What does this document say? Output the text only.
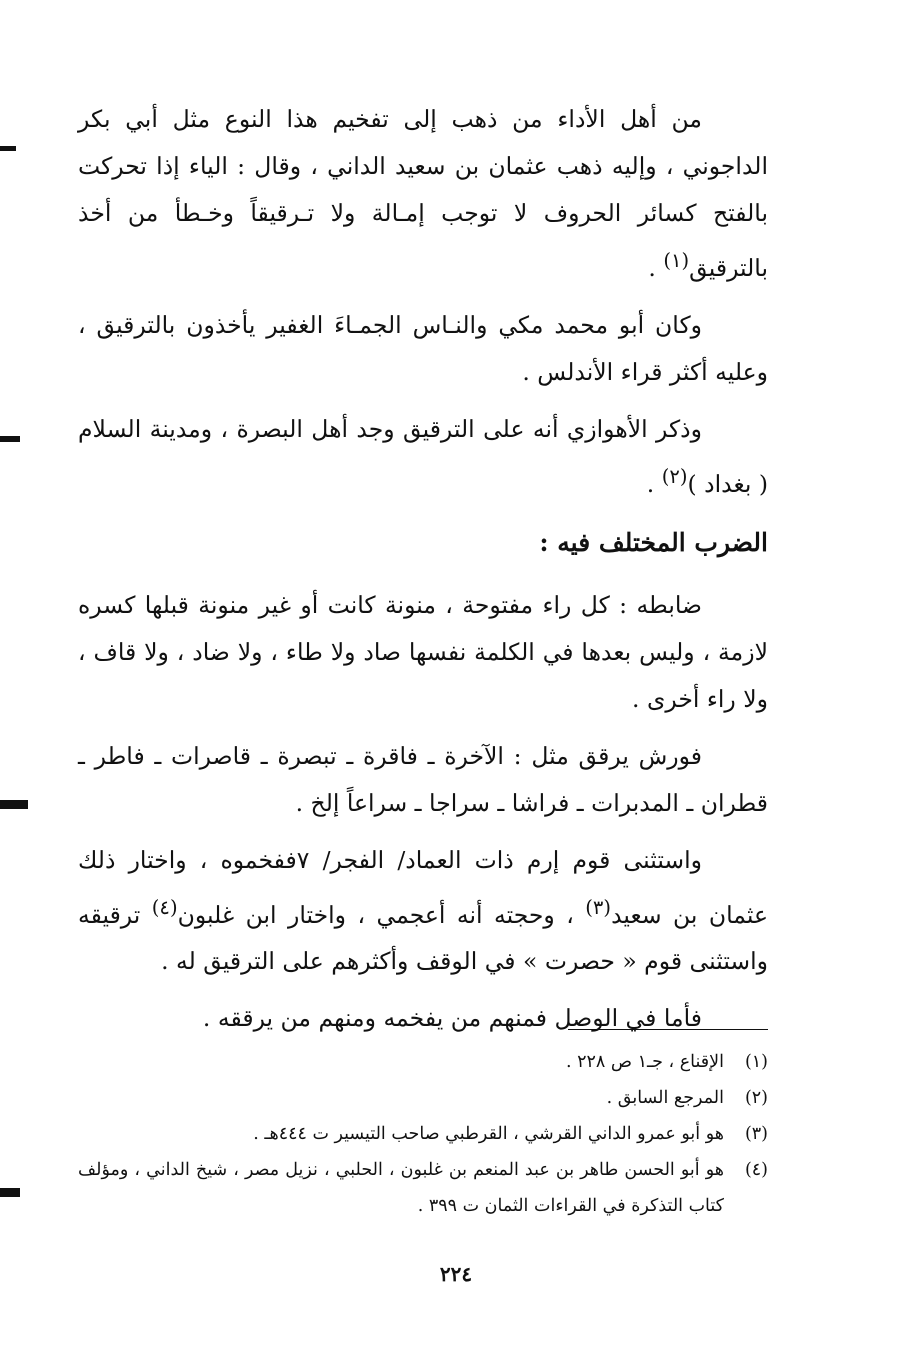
من أهل الأداء من ذهب إلى تفخيم هذا النوع مثل أبي بكر الداجوني ، وإليه ذهب عثمان بن سعيد الداني ، وقال : الياء إذا تحركت بالفتح كسائر الحروف لا توجب إمـالة ولا تـرقيقاً وخـطأ من أخذ بالترقيق$^{(١)}$ .

وكان أبو محمد مكي والنـاس الجمـاءَ الغفير يأخذون بالترقيق ، وعليه أكثر قراء الأندلس .

وذكر الأهوازي أنه على الترقيق وجد أهل البصرة ، ومدينة السلام ( بغداد )$^{(٢)}$ .

الضرب المختلف فيه :

ضابطه : كل راء مفتوحة ، منونة كانت أو غير منونة قبلها كسره لازمة ، وليس بعدها في الكلمة نفسها صاد ولا طاء ، ولا ضاد ، ولا قاف ، ولا راء أخرى .

فورش يرقق مثل : الآخرة ـ فاقرة ـ تبصرة ـ قاصرات ـ فاطر ـ قطران ـ المدبرات ـ فراشا ـ سراجا ـ سراعاً إلخ .

واستثنى قوم إرم ذات العماد/ الفجر/ ٧ففخموه ، واختار ذلك عثمان بن سعيد$^{(٣)}$ ، وحجته أنه أعجمي ، واختار ابن غلبون$^{(٤)}$ ترقيقه واستثنى قوم « حصرت » في الوقف وأكثرهم على الترقيق له .

فأما في الوصل فمنهم من يفخمه ومنهم من يرققه .

(١)
الإقناع ، جـ١ ص ٢٢٨ .
(٢)
المرجع السابق .
(٣)
هو أبو عمرو الداني القرشي ، القرطبي صاحب التيسير ت ٤٤٤هـ .
(٤)
هو أبو الحسن طاهر بن عبد المنعم بن غلبون ، الحلبي ، نزيل مصر ، شيخ الداني ، ومؤلف كتاب التذكرة في القراءات الثمان ت ٣٩٩ .
٢٢٤
